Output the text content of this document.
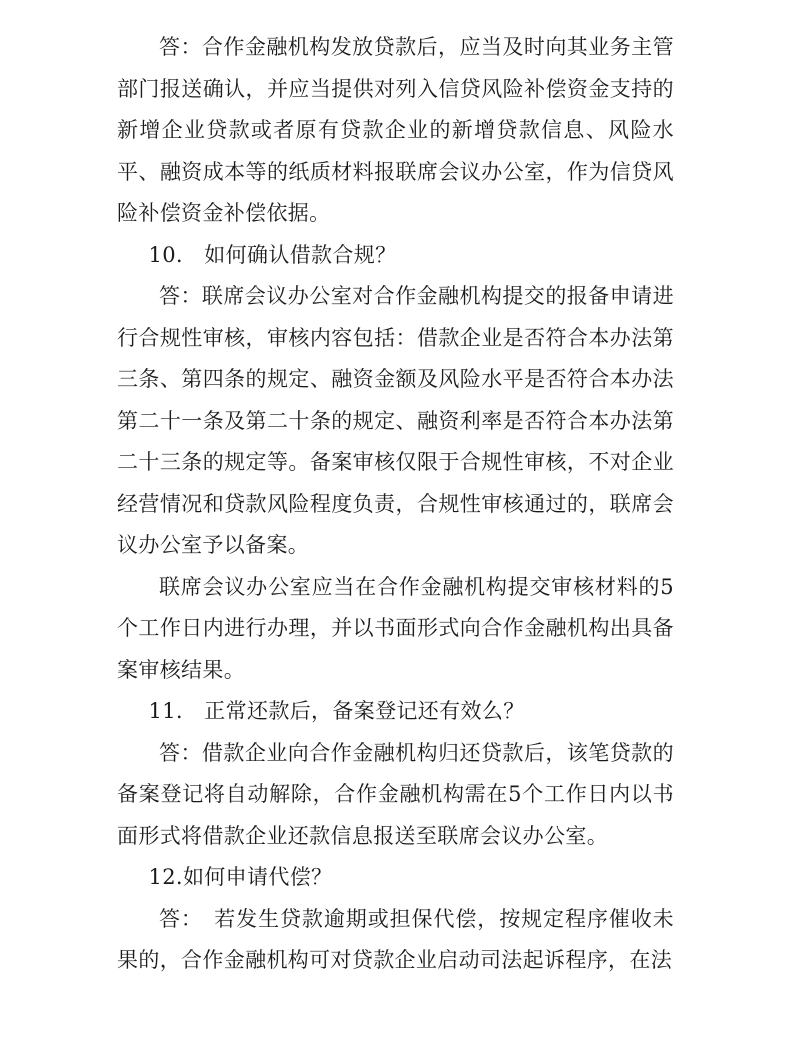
答：合作金融机构发放贷款后，应当及时向其业务主管部门报送确认，并应当提供对列入信贷风险补偿资金支持的新增企业贷款或者原有贷款企业的新增贷款信息、风险水平、融资成本等的纸质材料报联席会议办公室，作为信贷风险补偿资金补偿依据。

10.　如何确认借款合规？

答：联席会议办公室对合作金融机构提交的报备申请进行合规性审核，审核内容包括：借款企业是否符合本办法第三条、第四条的规定、融资金额及风险水平是否符合本办法第二十一条及第二十条的规定、融资利率是否符合本办法第二十三条的规定等。备案审核仅限于合规性审核，不对企业经营情况和贷款风险程度负责，合规性审核通过的，联席会议办公室予以备案。

联席会议办公室应当在合作金融机构提交审核材料的5个工作日内进行办理，并以书面形式向合作金融机构出具备案审核结果。

11.　正常还款后，备案登记还有效么？

答：借款企业向合作金融机构归还贷款后，该笔贷款的备案登记将自动解除，合作金融机构需在5个工作日内以书面形式将借款企业还款信息报送至联席会议办公室。

12.如何申请代偿？

答：　若发生贷款逾期或担保代偿，按规定程序催收未果的，合作金融机构可对贷款企业启动司法起诉程序，在法
